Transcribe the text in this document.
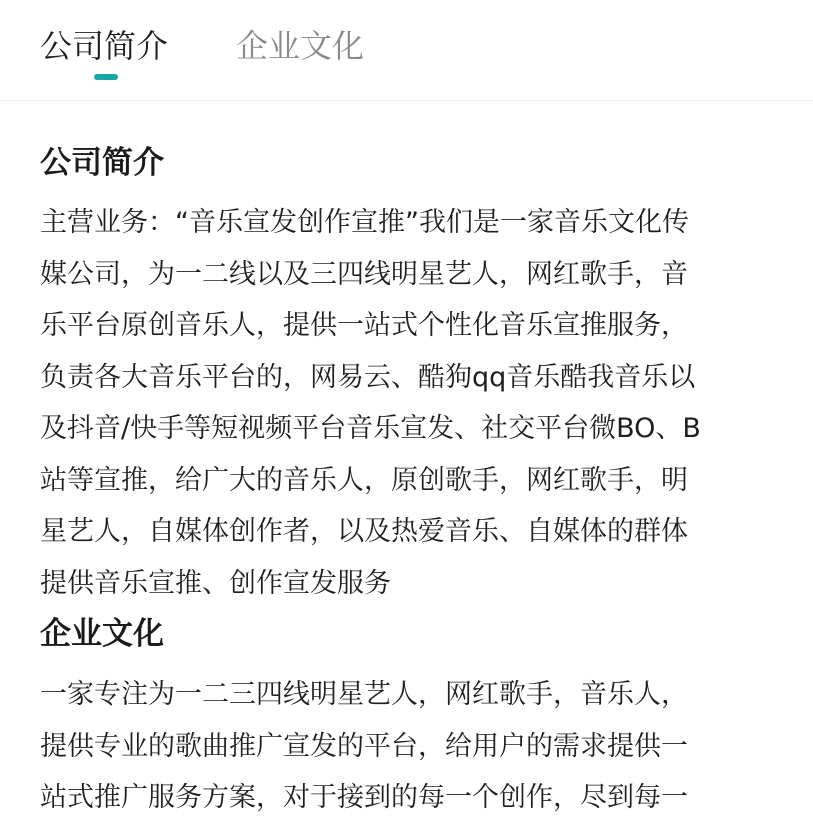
公司简介 企业文化
公司简介
主营业务：“音乐宣发创作宣推”我们是一家音乐文化传
媒公司，为一二线以及三四线明星艺人，网红歌手，音
乐平台原创音乐人，提供一站式个性化音乐宣推服务，
负责各大音乐平台的，网易云、酷狗qq音乐酷我音乐以
及抖音/快手等短视频平台音乐宣发、社交平台微BO、B
站等宣推，给广大的音乐人，原创歌手，网红歌手，明
星艺人，自媒体创作者，以及热爱音乐、自媒体的群体
提供音乐宣推、创作宣发服务
企业文化
一家专注为一二三四线明星艺人，网红歌手，音乐人，
提供专业的歌曲推广宣发的平台，给用户的需求提供一
站式推广服务方案，对于接到的每一个创作，尽到每一
